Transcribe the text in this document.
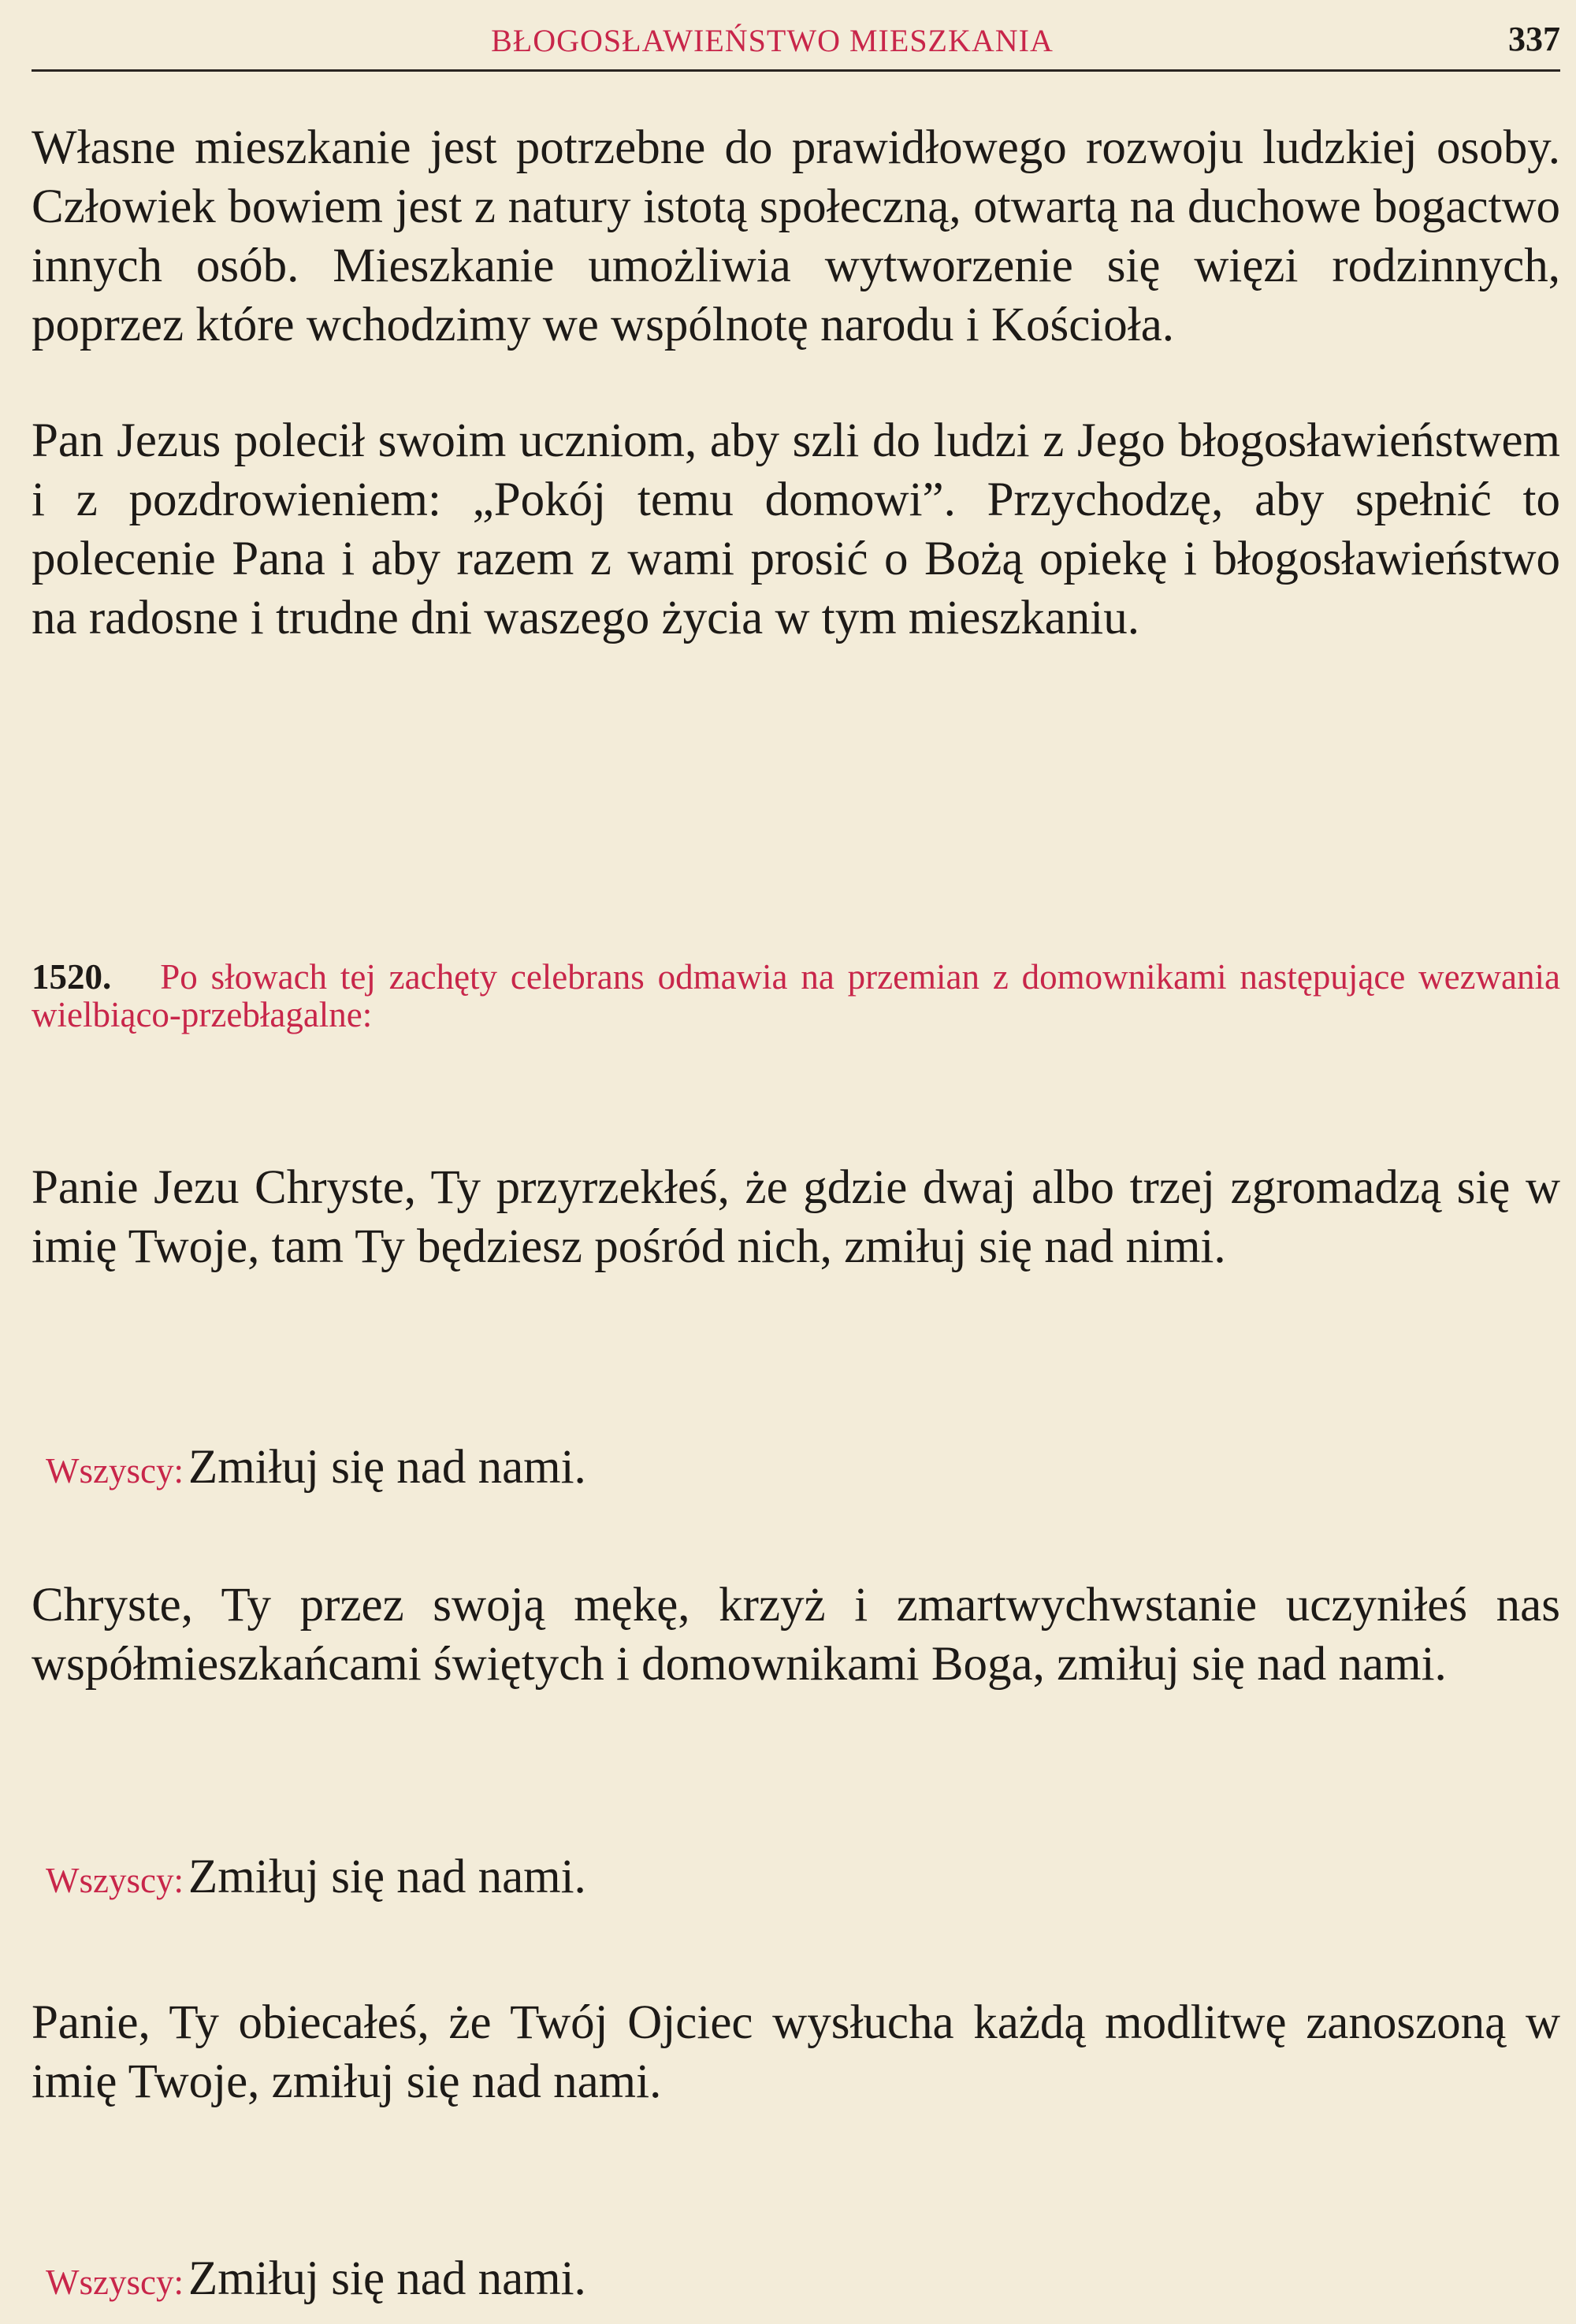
BŁOGOSŁAWIEŃSTWO MIESZKANIA	337
Własne mieszkanie jest potrzebne do prawidłowego rozwoju ludzkiej osoby. Człowiek bowiem jest z natury istotą społeczną, otwartą na duchowe bogactwo innych osób. Mieszkanie umożliwia wytworzenie się więzi rodzinnych, poprzez które wchodzimy we wspólnotę narodu i Kościoła.
Pan Jezus polecił swoim uczniom, aby szli do ludzi z Jego błogosławieństwem i z pozdrowieniem: „Pokój temu domowi”. Przychodzę, aby spełnić to polecenie Pana i aby razem z wami prosić o Bożą opiekę i błogosławieństwo na radosne i trudne dni waszego życia w tym mieszkaniu.
1520. Po słowach tej zachęty celebrans odmawia na przemian z domownikami następujące wezwania wielbiąco-przebłagalne:
Panie Jezu Chryste, Ty przyrzekłeś, że gdzie dwaj albo trzej zgromadzą się w imię Twoje, tam Ty będziesz pośród nich, zmiłuj się nad nimi.
Wszyscy:Zmiłuj się nad nami.
Chryste, Ty przez swoją mękę, krzyż i zmartwychwstanie uczyniłeś nas współmieszkańcami świętych i domownikami Boga, zmiłuj się nad nami.
Wszyscy:Zmiłuj się nad nami.
Panie, Ty obiecałeś, że Twój Ojciec wysłucha każdą modlitwę zanoszoną w imię Twoje, zmiłuj się nad nami.
Wszyscy:Zmiłuj się nad nami.
